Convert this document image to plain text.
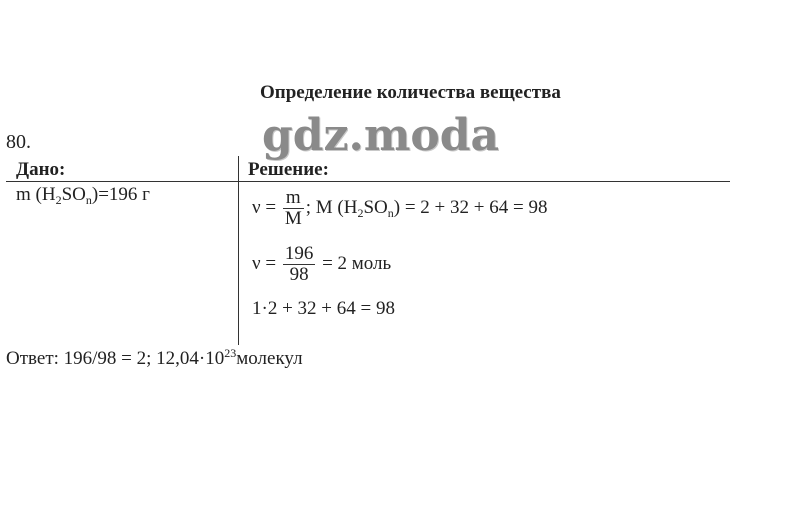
Определение количества вещества
80.	gdz.moda
Дано:	Решение:
m $(H_2SO_n)=196$ г
$\nu = \frac{m}{M}$ ; M $(H_2SO_n) = 2 + 32 + 64 = 98$
$\nu = \frac{196}{98} = 2$ моль
1·2 + 32 + 64 = 98
Ответ: 196/98 = 2; $12,04\cdot 10^{23}молекул$
